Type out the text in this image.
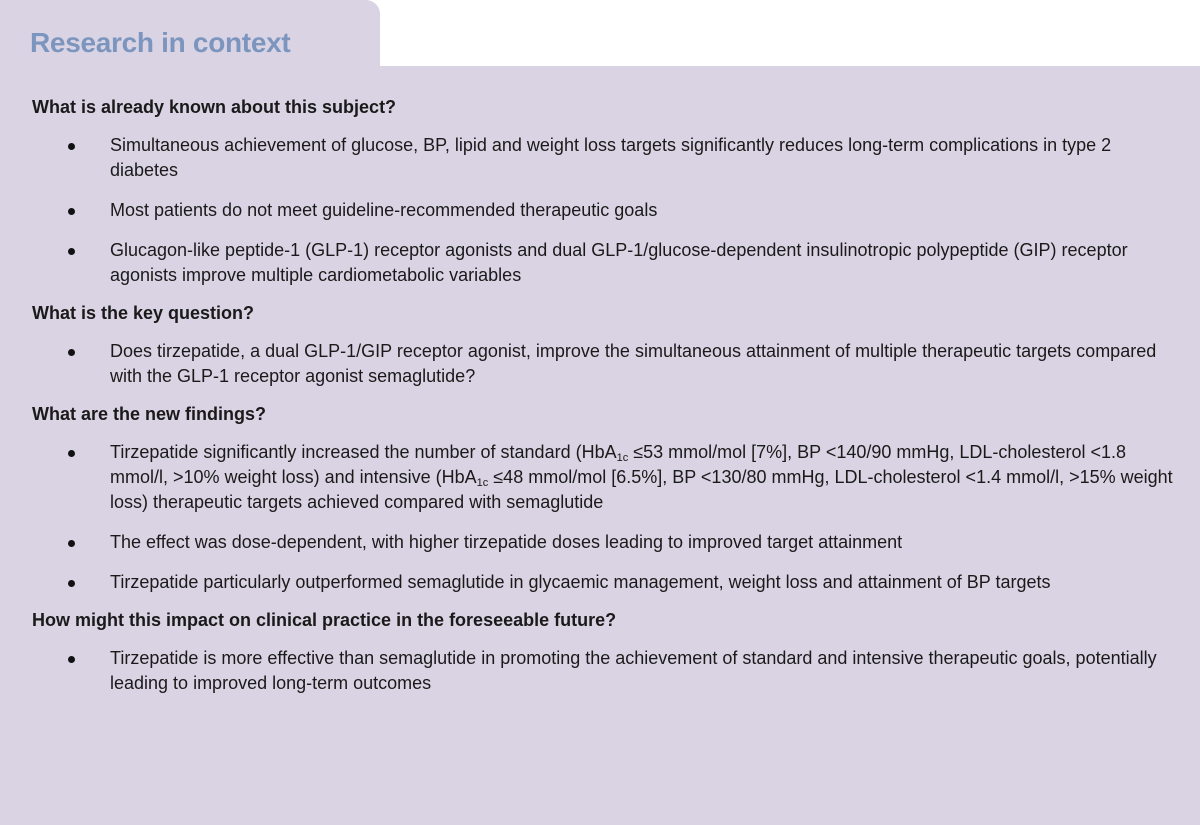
Research in context
What is already known about this subject?
Simultaneous achievement of glucose, BP, lipid and weight loss targets significantly reduces long-term complications in type 2 diabetes
Most patients do not meet guideline-recommended therapeutic goals
Glucagon-like peptide-1 (GLP-1) receptor agonists and dual GLP-1/glucose-dependent insulinotropic polypeptide (GIP) receptor agonists improve multiple cardiometabolic variables
What is the key question?
Does tirzepatide, a dual GLP-1/GIP receptor agonist, improve the simultaneous attainment of multiple therapeutic targets compared with the GLP-1 receptor agonist semaglutide?
What are the new findings?
Tirzepatide significantly increased the number of standard (HbA$_{1c}$ ≤53 mmol/mol [7%], BP <140/90 mmHg, LDL-cholesterol <1.8 mmol/l, >10% weight loss) and intensive (HbA$_{1c}$ ≤48 mmol/mol [6.5%], BP <130/80 mmHg, LDL-cholesterol <1.4 mmol/l, >15% weight loss) therapeutic targets achieved compared with semaglutide
The effect was dose-dependent, with higher tirzepatide doses leading to improved target attainment
Tirzepatide particularly outperformed semaglutide in glycaemic management, weight loss and attainment of BP targets
How might this impact on clinical practice in the foreseeable future?
Tirzepatide is more effective than semaglutide in promoting the achievement of standard and intensive therapeutic goals, potentially leading to improved long-term outcomes
